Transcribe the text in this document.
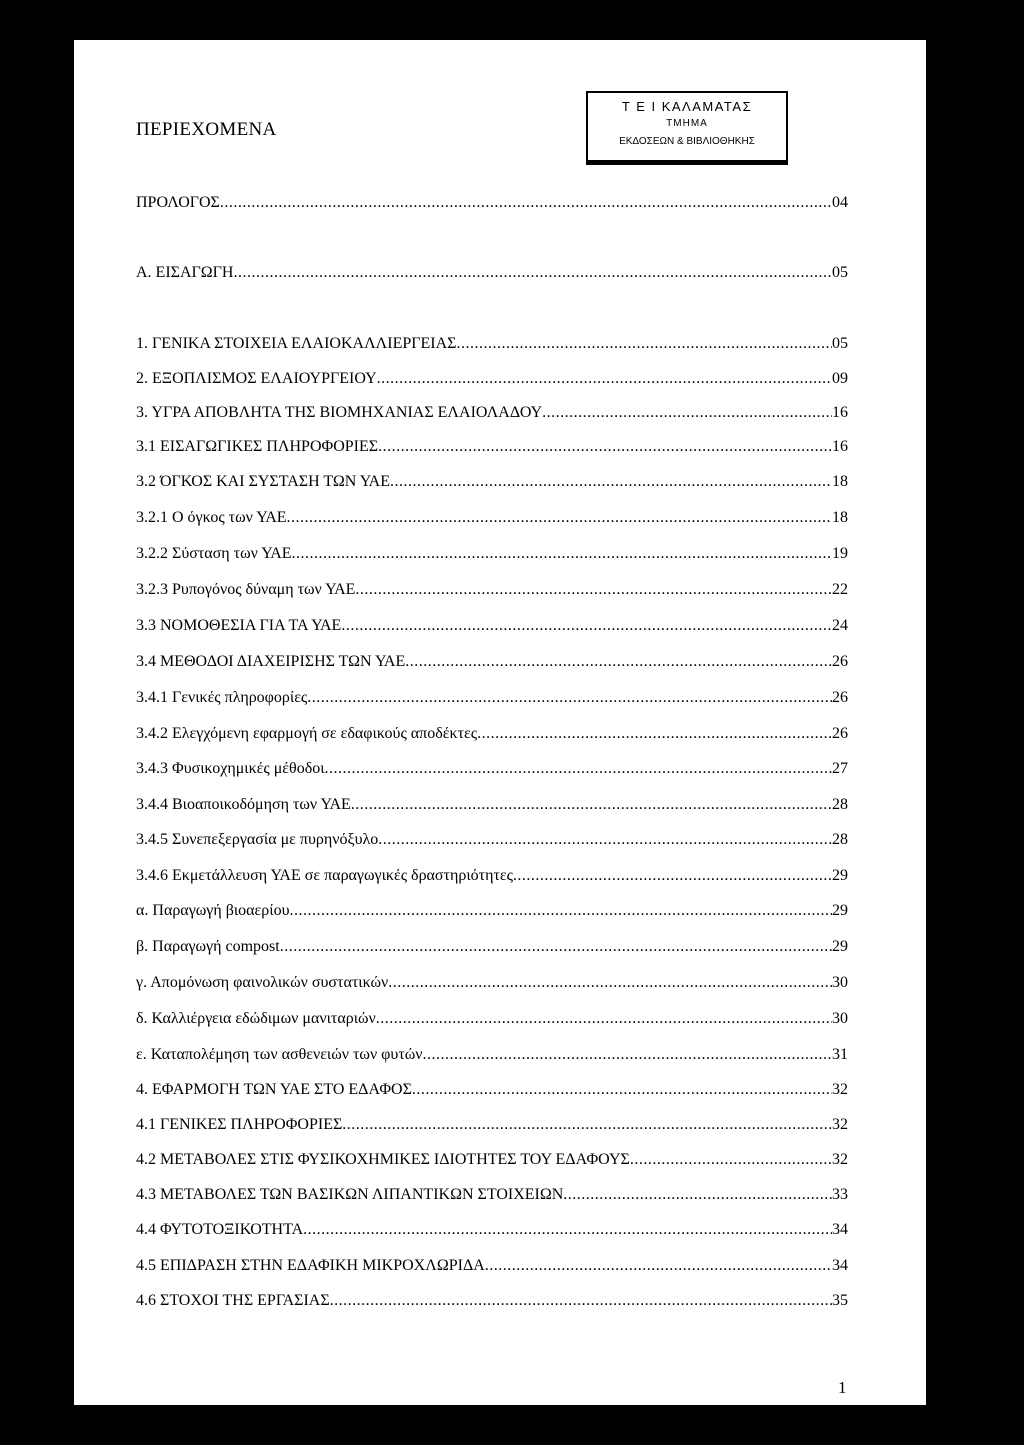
ΠΕΡΙΕΧΟΜΕΝΑ
Τ Ε Ι ΚΑΛΑΜΑΤΑΣ
ΤΜΗΜΑ
ΕΚΔΟΣΕΩΝ & ΒΙΒΛΙΟΘΗΚΗΣ
ΠΡΟΛΟΓΟΣ .....	04
Α. ΕΙΣΑΓΩΓΗ .....	05
1. ΓΕΝΙΚΑ ΣΤΟΙΧΕΙΑ ΕΛΑΙΟΚΑΛΛΙΕΡΓΕΙΑΣ .....	05
2. ΕΞΟΠΛΙΣΜΟΣ ΕΛΑΙΟΥΡΓΕΙΟΥ .....	09
3. ΥΓΡΑ ΑΠΟΒΛΗΤΑ ΤΗΣ ΒΙΟΜΗΧΑΝΙΑΣ ΕΛΑΙΟΛΑΔΟΥ .....	16
3.1 ΕΙΣΑΓΩΓΙΚΕΣ ΠΛΗΡΟΦΟΡΙΕΣ .....	16
3.2 ΌΓΚΟΣ ΚΑΙ ΣΥΣΤΑΣΗ ΤΩΝ ΥΑΕ .....	18
3.2.1 Ο όγκος των ΥΑΕ .....	18
3.2.2 Σύσταση των ΥΑΕ .....	19
3.2.3 Ρυπογόνος δύναμη των ΥΑΕ .....	22
3.3 ΝΟΜΟΘΕΣΙΑ ΓΙΑ ΤΑ ΥΑΕ .....	24
3.4 ΜΕΘΟΔΟΙ ΔΙΑΧΕΙΡΙΣΗΣ ΤΩΝ ΥΑΕ .....	26
3.4.1 Γενικές πληροφορίες .....	26
3.4.2 Ελεγχόμενη εφαρμογή σε εδαφικούς αποδέκτες .....	26
3.4.3 Φυσικοχημικές μέθοδοι .....	27
3.4.4 Βιοαποικοδόμηση των ΥΑΕ .....	28
3.4.5 Συνεπεξεργασία με πυρηνόξυλο .....	28
3.4.6 Εκμετάλλευση ΥΑΕ σε παραγωγικές δραστηριότητες .....	29
α. Παραγωγή βιοαερίου .....	29
β. Παραγωγή compost .....	29
γ. Απομόνωση φαινολικών συστατικών .....	30
δ. Καλλιέργεια εδώδιμων μανιταριών .....	30
ε. Καταπολέμηση των ασθενειών των φυτών .....	31
4. ΕΦΑΡΜΟΓΗ ΤΩΝ ΥΑΕ ΣΤΟ ΕΔΑΦΟΣ .....	32
4.1 ΓΕΝΙΚΕΣ ΠΛΗΡΟΦΟΡΙΕΣ .....	32
4.2 ΜΕΤΑΒΟΛΕΣ ΣΤΙΣ ΦΥΣΙΚΟΧΗΜΙΚΕΣ ΙΔΙΟΤΗΤΕΣ ΤΟΥ ΕΔΑΦΟΥΣ .....	32
4.3 ΜΕΤΑΒΟΛΕΣ ΤΩΝ ΒΑΣΙΚΩΝ ΛΙΠΑΝΤΙΚΩΝ ΣΤΟΙΧΕΙΩΝ .....	33
4.4 ΦΥΤΟΤΟΞΙΚΟΤΗΤΑ .....	34
4.5 ΕΠΙΔΡΑΣΗ ΣΤΗΝ ΕΔΑΦΙΚΗ ΜΙΚΡΟΧΛΩΡΙΔΑ .....	34
4.6 ΣΤΟΧΟΙ ΤΗΣ ΕΡΓΑΣΙΑΣ .....	35
1
